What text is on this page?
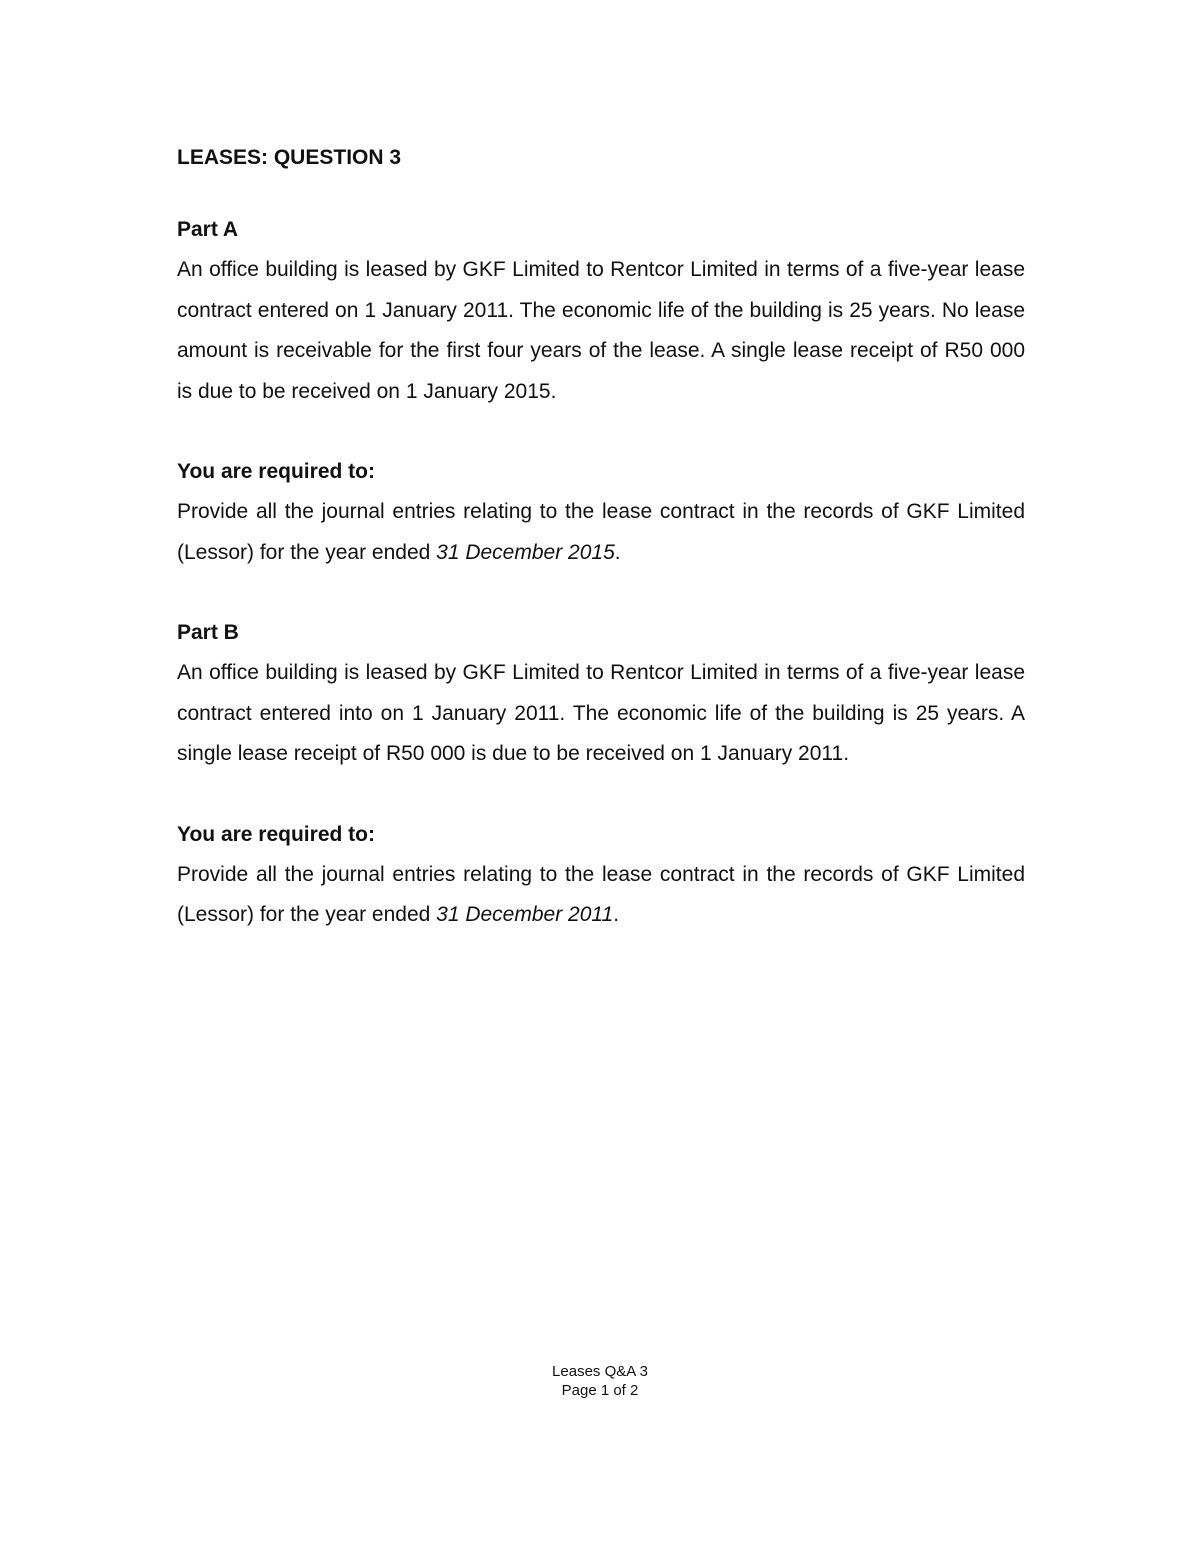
LEASES: QUESTION 3
Part A

An office building is leased by GKF Limited to Rentcor Limited in terms of a five-year lease contract entered on 1 January 2011. The economic life of the building is 25 years. No lease amount is receivable for the first four years of the lease. A single lease receipt of R50 000 is due to be received on 1 January 2015.

You are required to:

Provide all the journal entries relating to the lease contract in the records of GKF Limited (Lessor) for the year ended 31 December 2015.

Part B

An office building is leased by GKF Limited to Rentcor Limited in terms of a five-year lease contract entered into on 1 January 2011. The economic life of the building is 25 years. A single lease receipt of R50 000 is due to be received on 1 January 2011.

You are required to:

Provide all the journal entries relating to the lease contract in the records of GKF Limited (Lessor) for the year ended 31 December 2011.

Leases Q&A 3
Page 1 of 2
